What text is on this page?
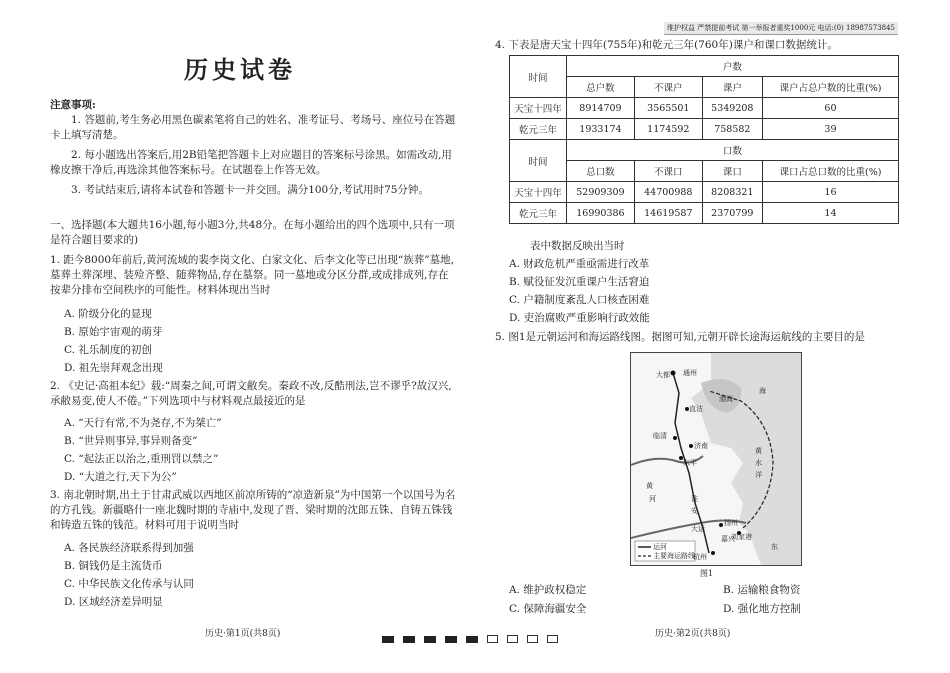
历史试卷
注意事项:
1. 答题前,考生务必用黑色碳素笔将自己的姓名、准考证号、考场号、座位号在答题卡上填写清楚。
2. 每小题选出答案后,用2B铅笔把答题卡上对应题目的答案标号涂黑。如需改动,用橡皮擦干净后,再选涂其他答案标号。在试题卷上作答无效。
3. 考试结束后,请将本试卷和答题卡一并交回。满分100分,考试用时75分钟。
一、选择题(本大题共16小题,每小题3分,共48分。在每小题给出的四个选项中,只有一项是符合题目要求的)
1. 距今8000年前后,黄河流域的裴李岗文化、白家文化、后李文化等已出现“族葬”墓地,墓葬土葬深埋、装殓齐整、随葬物品,存在墓祭。同一墓地或分区分群,或成排成列,存在按辈分排布空间秩序的可能性。材料体现出当时
A. 阶级分化的显现
B. 原始宇宙观的萌芽
C. 礼乐制度的初创
D. 祖先崇拜观念出现
2. 《史记·高祖本纪》载:“周秦之间,可谓文敝矣。秦政不改,反酷刑法,岂不谬乎?故汉兴,承敝易变,使人不倦。”下列选项中与材料观点最接近的是
A. “天行有常,不为尧存,不为桀亡”
B. “世异则事异,事异则备变”
C. “起法正以治之,重刑罚以禁之”
D. “大道之行,天下为公”
3. 南北朝时期,出土于甘肃武威以西地区前凉所铸的“凉造新泉”为中国第一个以国号为名的方孔钱。新疆略什一座北魏时期的寺庙中,发现了晋、梁时期的沈郎五铢、自铸五铢钱和铸造五铢的钱范。材料可用于说明当时
A. 各民族经济联系得到加强
B. 铜钱仍是主流货币
C. 中华民族文化传承与认同
D. 区域经济差异明显
历史·第1页(共8页)
维护权益 严禁提前考试 第一举报者重奖1000元 电话:(0) 18987573845
4. 下表是唐天宝十四年(755年)和乾元三年(760年)课户和课口数据统计。
时间	户数			
	总户数	不课户	课户	课户占总户数的比重(%)
天宝十四年	8914709	3565501	5349208	60
乾元三年	1933174	1174592	758582	39
时间	口数			
	总口数	不课口	课口	课口占总口数的比重(%)
天宝十四年	52909309	44700988	8208321	16
乾元三年	16990386	14619587	2370799	14
表中数据反映出当时
A. 财政危机严重亟需进行改革
B. 赋役征发沉重课户生活窘迫
C. 户籍制度紊乱人口核查困难
D. 吏治腐败严重影响行政效能
5. 图1是元朝运河和海运路线图。据图可知,元朝开辟长途海运航线的主要目的是
运河
主要海运路线
大都 通州
直沽
临清
济南
东平
黄
河	淮
安
大运
扬州
嘉兴
杭州
渤海
海
黄
水
洋
刘家港
东
图1
A. 维护政权稳定	B. 运输粮食物资
C. 保障海疆安全	D. 强化地方控制
历史·第2页(共8页)
